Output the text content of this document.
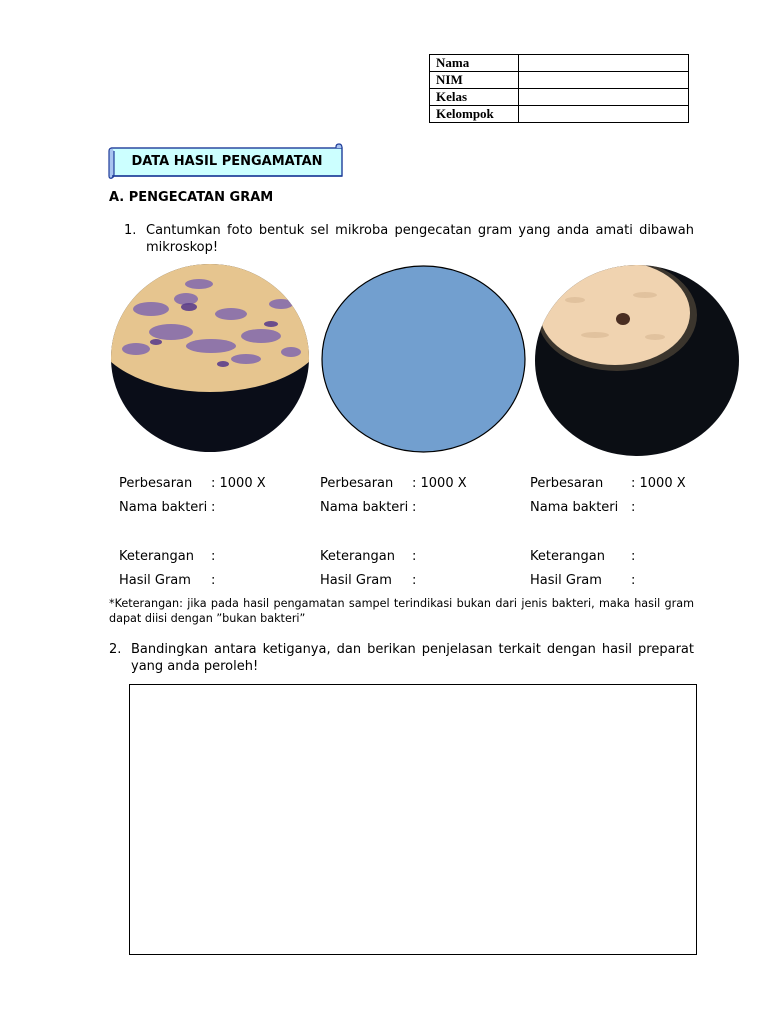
Nama	
NIM	
Kelas	
Kelompok	
DATA HASIL PENGAMATAN
A. PENGECATAN GRAM
1. Cantumkan foto bentuk sel mikroba pengecatan gram yang anda amati dibawah mikroskop!
Perbesaran : 1000 X
Nama bakteri :
Keterangan :
Hasil Gram :
Perbesaran : 1000 X
Nama bakteri :
Keterangan :
Hasil Gram :
Perbesaran : 1000 X
Nama bakteri :
Keterangan :
Hasil Gram :
*Keterangan: jika pada hasil pengamatan sampel terindikasi bukan dari jenis bakteri, maka hasil gram dapat diisi dengan ”bukan bakteri”
2. Bandingkan antara ketiganya, dan berikan penjelasan terkait dengan hasil preparat yang anda peroleh!
